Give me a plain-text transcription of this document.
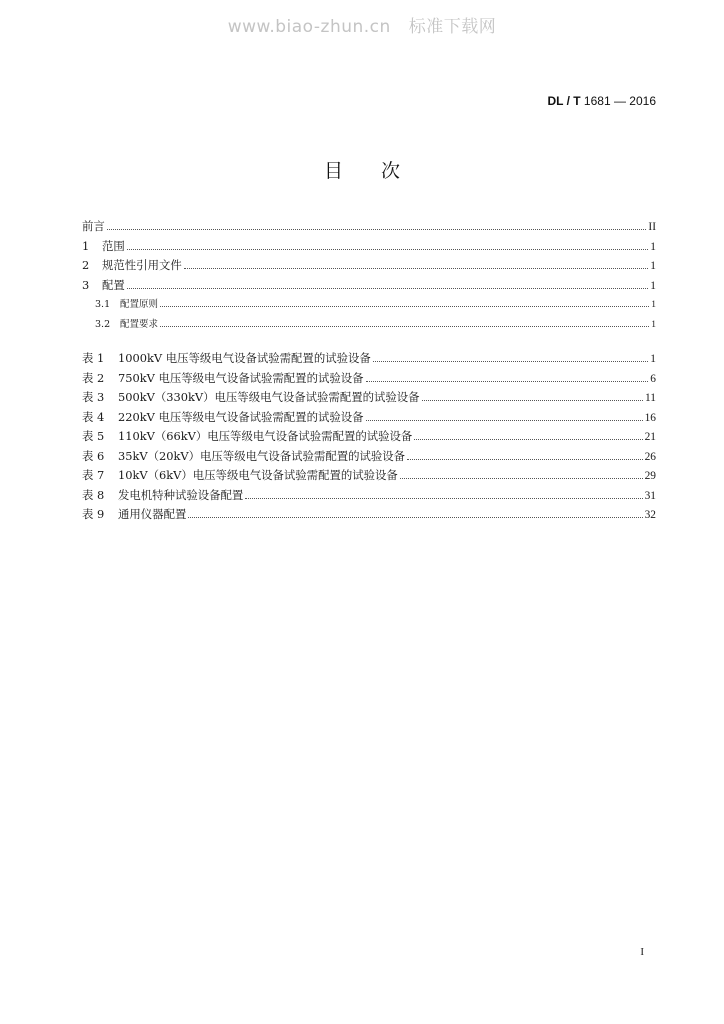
www.biao-zhun.cn 标准下载网
DL / T 1681 — 2016
目次
前言	II
1	范围	1
2	规范性引用文件	1
3	配置	1
3.1	配置原则	1
3.2	配置要求	1
表 1	1000kV 电压等级电气设备试验需配置的试验设备	1
表 2	750kV 电压等级电气设备试验需配置的试验设备	6
表 3	500kV（330kV）电压等级电气设备试验需配置的试验设备	11
表 4	220kV 电压等级电气设备试验需配置的试验设备	16
表 5	110kV（66kV）电压等级电气设备试验需配置的试验设备	21
表 6	35kV（20kV）电压等级电气设备试验需配置的试验设备	26
表 7	10kV（6kV）电压等级电气设备试验需配置的试验设备	29
表 8	发电机特种试验设备配置	31
表 9	通用仪器配置	32
I
